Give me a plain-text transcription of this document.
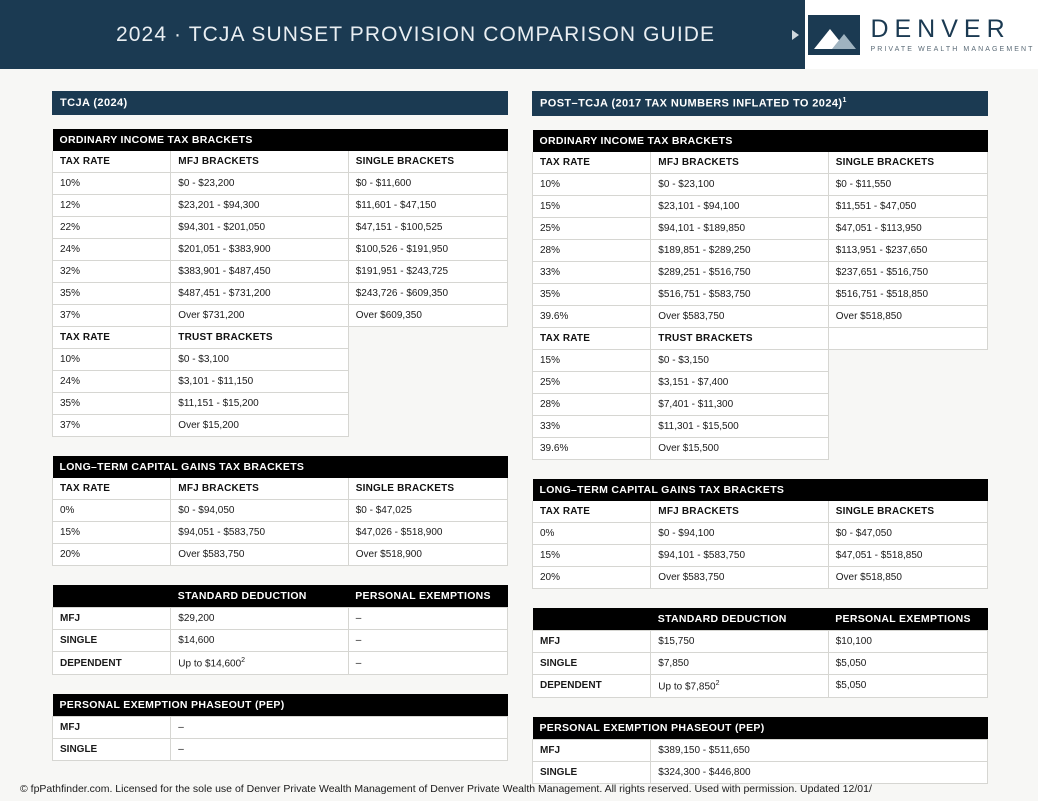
2024 · TCJA SUNSET PROVISION COMPARISON GUIDE	DENVER
PRIVATE WEALTH MANAGEMENT
TCJA (2024)
ORDINARY INCOME TAX BRACKETS		
TAX RATE	MFJ BRACKETS	SINGLE BRACKETS
10%	$0 - $23,200	$0 - $11,600
12%	$23,201 - $94,300	$11,601 - $47,150
22%	$94,301 - $201,050	$47,151 - $100,525
24%	$201,051 - $383,900	$100,526 - $191,950
32%	$383,901 - $487,450	$191,951 - $243,725
35%	$487,451 - $731,200	$243,726 - $609,350
37%	Over $731,200	Over $609,350
TAX RATE	TRUST BRACKETS	
10%	$0 - $3,100	
24%	$3,101 - $11,150	
35%	$11,151 - $15,200	
37%	Over $15,200	
LONG–TERM CAPITAL GAINS TAX BRACKETS		
TAX RATE	MFJ BRACKETS	SINGLE BRACKETS
0%	$0 - $94,050	$0 - $47,025
15%	$94,051 - $583,750	$47,026 - $518,900
20%	Over $583,750	Over $518,900
	STANDARD DEDUCTION	PERSONAL EXEMPTIONS
MFJ	$29,200	–
SINGLE	$14,600	–
DEPENDENT	Up to $14,600$^2$	–
PERSONAL EXEMPTION PHASEOUT (PEP)	
MFJ	–
SINGLE	–
POST–TCJA (2017 TAX NUMBERS INFLATED TO 2024)$^1$
ORDINARY INCOME TAX BRACKETS		
TAX RATE	MFJ BRACKETS	SINGLE BRACKETS
10%	$0 - $23,100	$0 - $11,550
15%	$23,101 - $94,100	$11,551 - $47,050
25%	$94,101 - $189,850	$47,051 - $113,950
28%	$189,851 - $289,250	$113,951 - $237,650
33%	$289,251 - $516,750	$237,651 - $516,750
35%	$516,751 - $583,750	$516,751 - $518,850
39.6%	Over $583,750	Over $518,850
TAX RATE	TRUST BRACKETS	
15%	$0 - $3,150	
25%	$3,151 - $7,400	
28%	$7,401 - $11,300	
33%	$11,301 - $15,500	
39.6%	Over $15,500	
LONG–TERM CAPITAL GAINS TAX BRACKETS		
TAX RATE	MFJ BRACKETS	SINGLE BRACKETS
0%	$0 - $94,100	$0 - $47,050
15%	$94,101 - $583,750	$47,051 - $518,850
20%	Over $583,750	Over $518,850
	STANDARD DEDUCTION	PERSONAL EXEMPTIONS
MFJ	$15,750	$10,100
SINGLE	$7,850	$5,050
DEPENDENT	Up to $7,850$^2$	$5,050
PERSONAL EXEMPTION PHASEOUT (PEP)	
MFJ	$389,150 - $511,650
SINGLE	$324,300 - $446,800
© fpPathfinder.com. Licensed for the sole use of Denver Private Wealth Management of Denver Private Wealth Management. All rights reserved. Used with permission. Updated 12/01/
